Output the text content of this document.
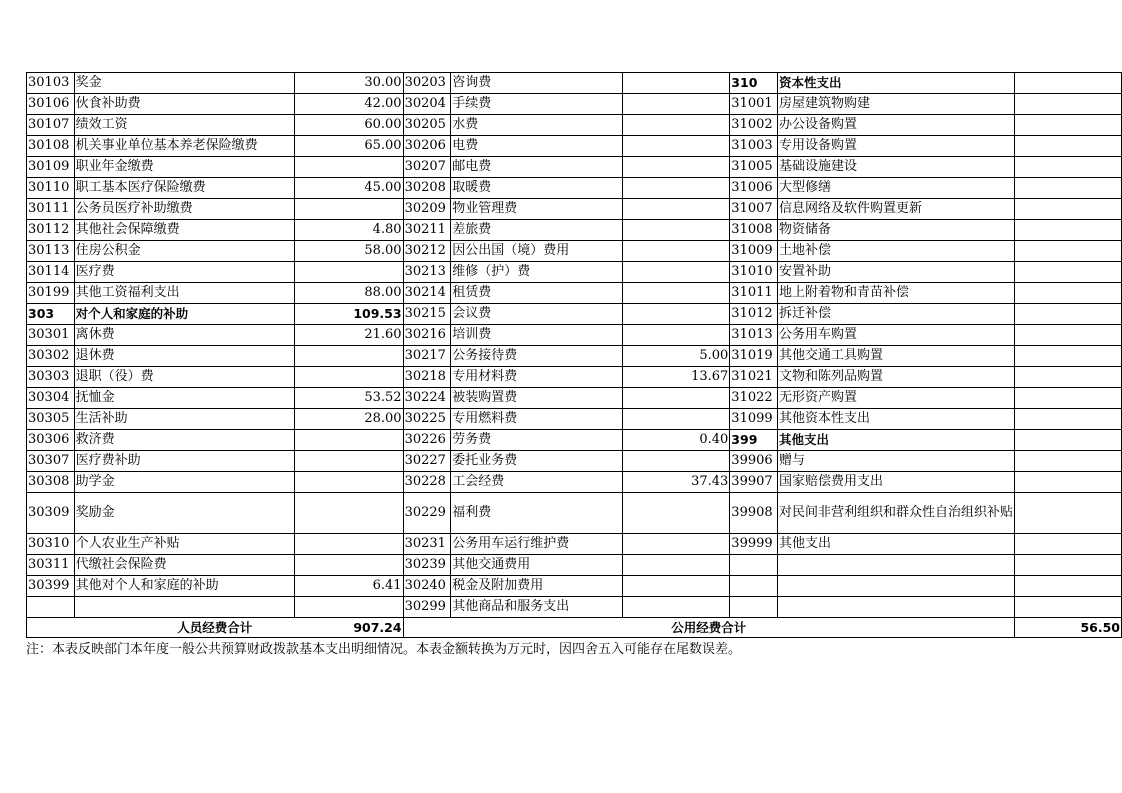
30103	奖金	30.00	30203	咨询费		310	资本性支出	
30106	伙食补助费	42.00	30204	手续费		31001	房屋建筑物购建	
30107	绩效工资	60.00	30205	水费		31002	办公设备购置	
30108	机关事业单位基本养老保险缴费	65.00	30206	电费		31003	专用设备购置	
30109	职业年金缴费		30207	邮电费		31005	基础设施建设	
30110	职工基本医疗保险缴费	45.00	30208	取暖费		31006	大型修缮	
30111	公务员医疗补助缴费		30209	物业管理费		31007	信息网络及软件购置更新	
30112	其他社会保障缴费	4.80	30211	差旅费		31008	物资储备	
30113	住房公积金	58.00	30212	因公出国（境）费用		31009	土地补偿	
30114	医疗费		30213	维修（护）费		31010	安置补助	
30199	其他工资福利支出	88.00	30214	租赁费		31011	地上附着物和青苗补偿	
303	对个人和家庭的补助	109.53	30215	会议费		31012	拆迁补偿	
30301	离休费	21.60	30216	培训费		31013	公务用车购置	
30302	退休费		30217	公务接待费	5.00	31019	其他交通工具购置	
30303	退职（役）费		30218	专用材料费	13.67	31021	文物和陈列品购置	
30304	抚恤金	53.52	30224	被装购置费		31022	无形资产购置	
30305	生活补助	28.00	30225	专用燃料费		31099	其他资本性支出	
30306	救济费		30226	劳务费	0.40	399	其他支出	
30307	医疗费补助		30227	委托业务费		39906	赠与	
30308	助学金		30228	工会经费	37.43	39907	国家赔偿费用支出	
30309	奖励金		30229	福利费		39908	对民间非营利组织和群众性自治组织补贴	
30310	个人农业生产补贴		30231	公务用车运行维护费		39999	其他支出	
30311	代缴社会保险费		30239	其他交通费用				
30399	其他对个人和家庭的补助	6.41	30240	税金及附加费用				
			30299	其他商品和服务支出				
人员经费合计 907.24			公用经费合计					56.50
注：本表反映部门本年度一般公共预算财政拨款基本支出明细情况。本表金额转换为万元时，因四舍五入可能存在尾数误差。
